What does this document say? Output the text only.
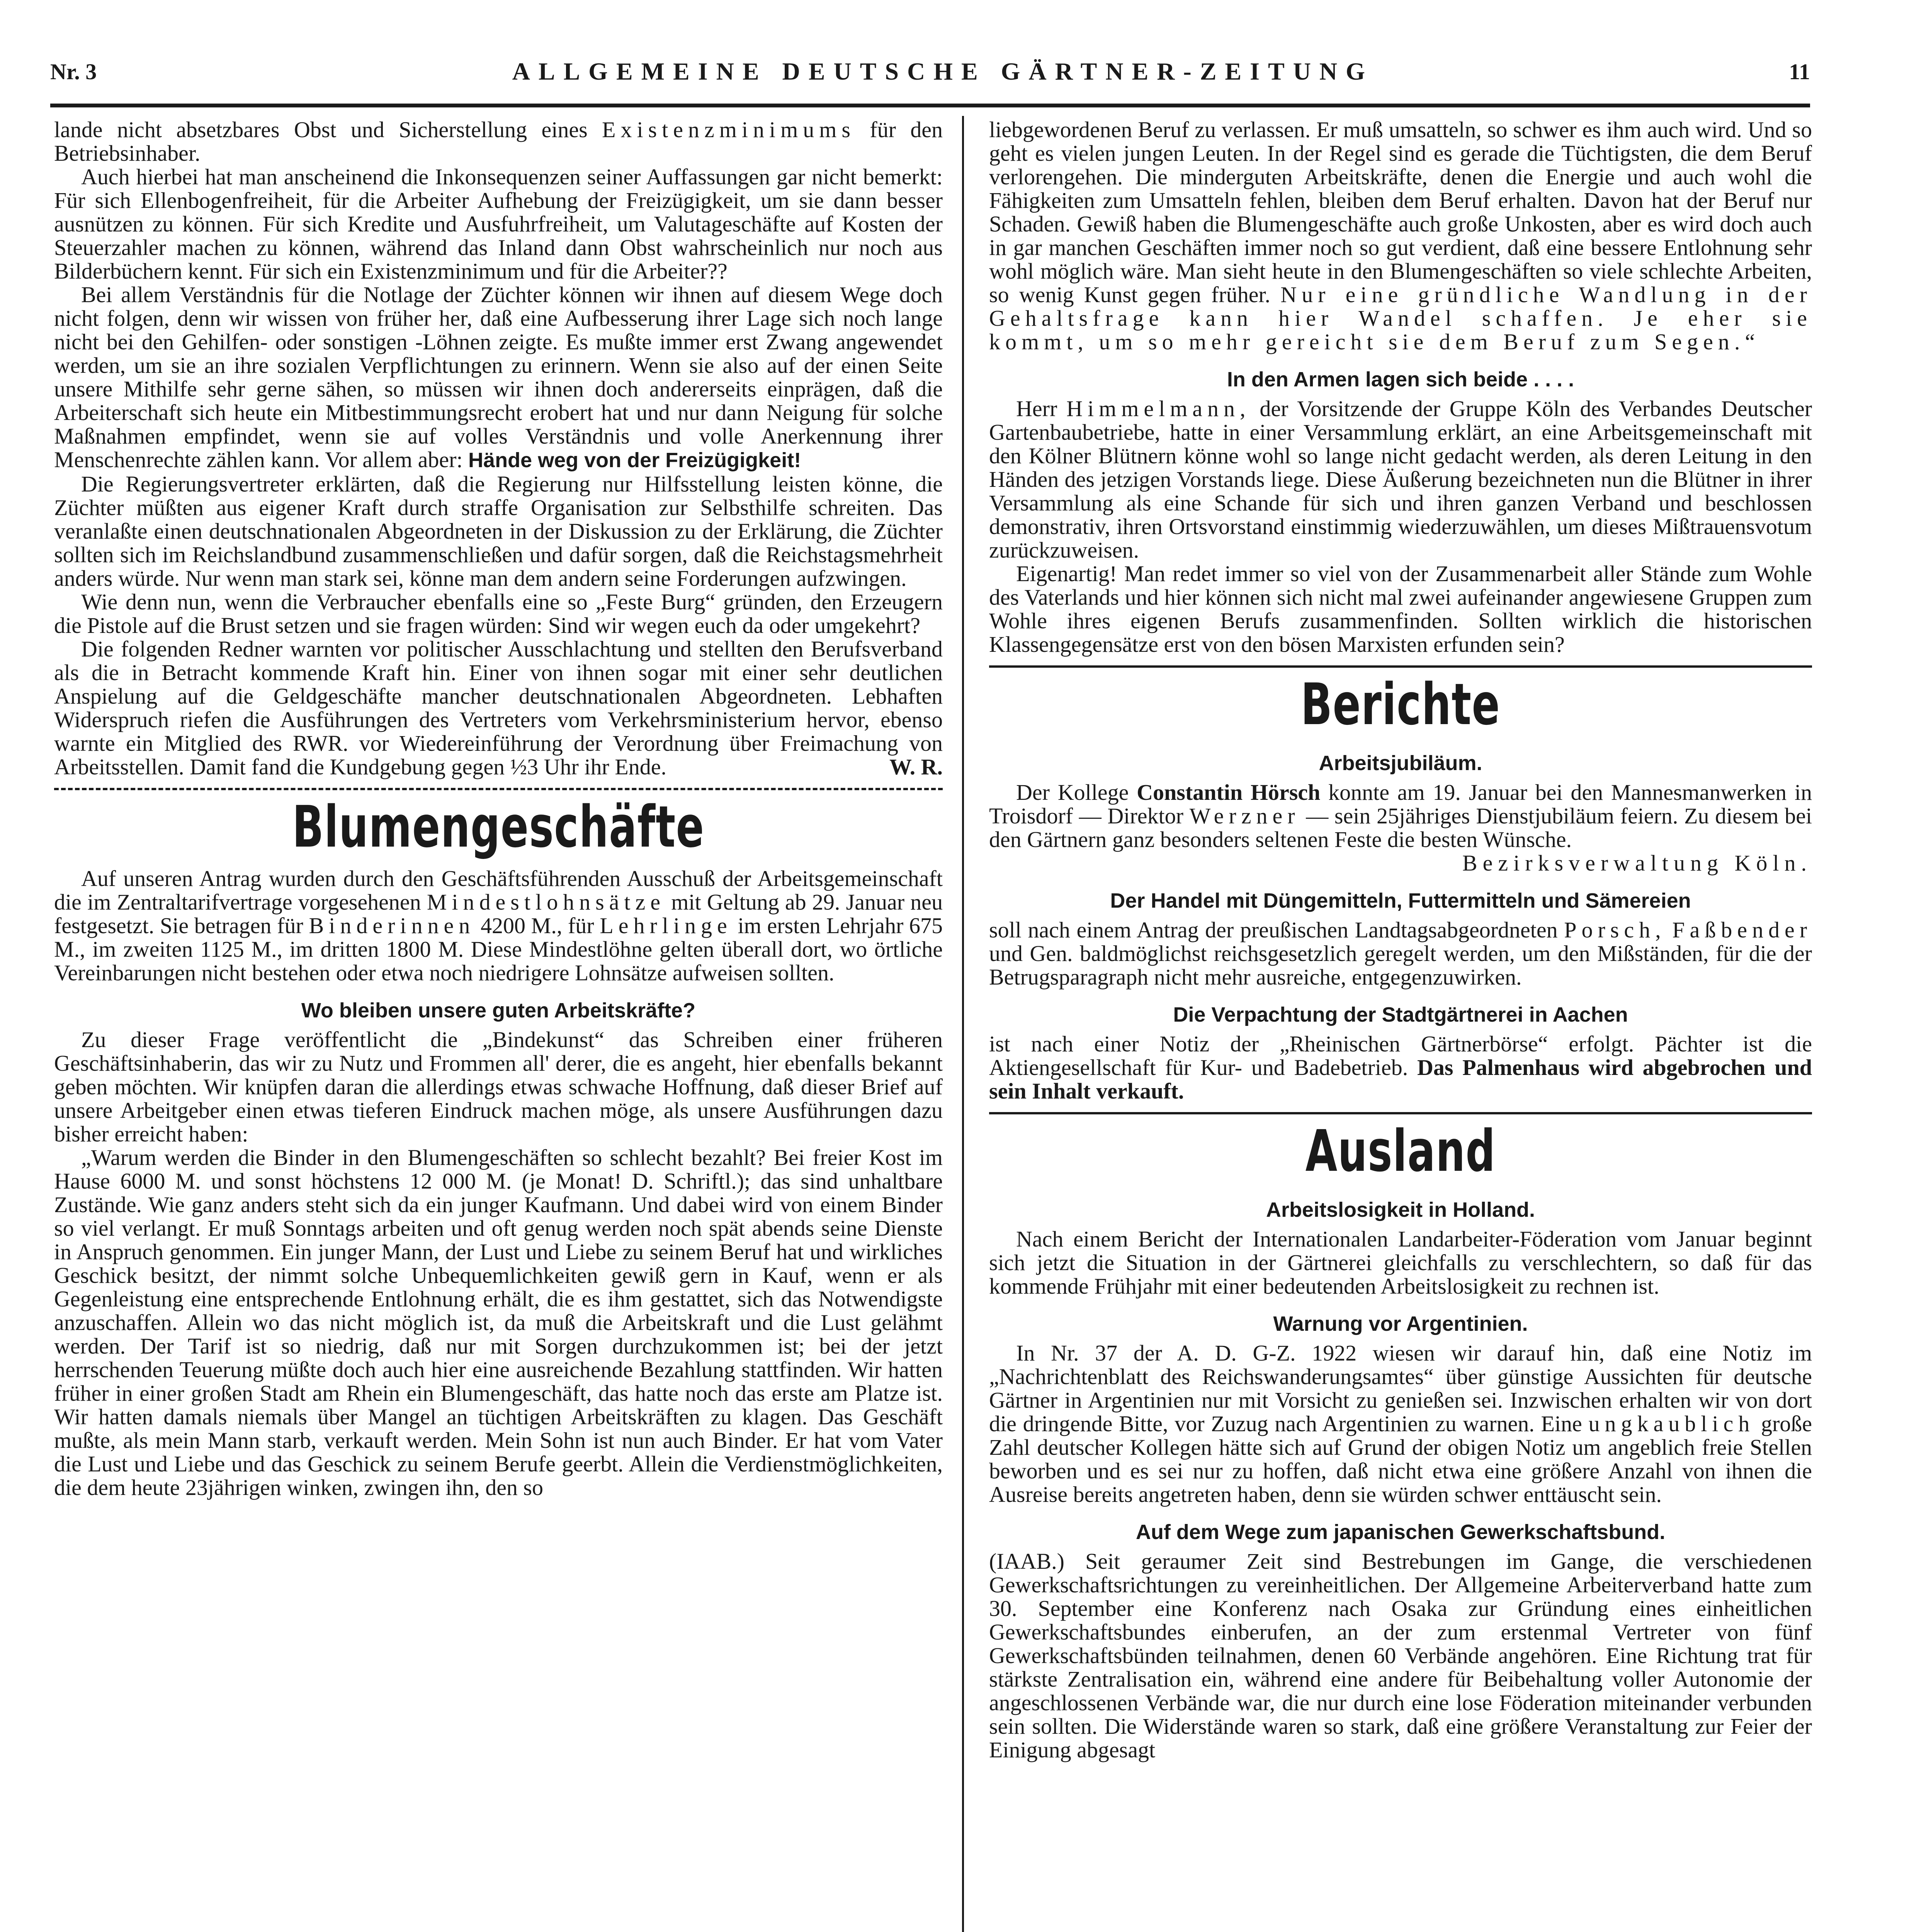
Nr. 3	ALLGEMEINE DEUTSCHE GÄRTNER-ZEITUNG	11

lande nicht absetzbares Obst und Sicherstellung eines Existenzminimums für den Betriebsinhaber.

Auch hierbei hat man anscheinend die Inkonsequenzen seiner Auffassungen gar nicht bemerkt: Für sich Ellenbogenfreiheit, für die Arbeiter Aufhebung der Freizügigkeit, um sie dann besser ausnützen zu können. Für sich Kredite und Ausfuhrfreiheit, um Valutageschäfte auf Kosten der Steuerzahler machen zu können, während das Inland dann Obst wahrscheinlich nur noch aus Bilderbüchern kennt. Für sich ein Existenzminimum und für die Arbeiter??

Bei allem Verständnis für die Notlage der Züchter können wir ihnen auf diesem Wege doch nicht folgen, denn wir wissen von früher her, daß eine Aufbesserung ihrer Lage sich noch lange nicht bei den Gehilfen- oder sonstigen -Löhnen zeigte. Es mußte immer erst Zwang angewendet werden, um sie an ihre sozialen Verpflichtungen zu erinnern. Wenn sie also auf der einen Seite unsere Mithilfe sehr gerne sähen, so müssen wir ihnen doch andererseits einprägen, daß die Arbeiterschaft sich heute ein Mitbestimmungsrecht erobert hat und nur dann Neigung für solche Maßnahmen empfindet, wenn sie auf volles Verständnis und volle Anerkennung ihrer Menschenrechte zählen kann. Vor allem aber: Hände weg von der Freizügigkeit!

Die Regierungsvertreter erklärten, daß die Regierung nur Hilfsstellung leisten könne, die Züchter müßten aus eigener Kraft durch straffe Organisation zur Selbsthilfe schreiten. Das veranlaßte einen deutschnationalen Abgeordneten in der Diskussion zu der Erklärung, die Züchter sollten sich im Reichslandbund zusammenschließen und dafür sorgen, daß die Reichstagsmehrheit anders würde. Nur wenn man stark sei, könne man dem andern seine Forderungen aufzwingen.

Wie denn nun, wenn die Verbraucher ebenfalls eine so „Feste Burg“ gründen, den Erzeugern die Pistole auf die Brust setzen und sie fragen würden: Sind wir wegen euch da oder umgekehrt?

Die folgenden Redner warnten vor politischer Ausschlachtung und stellten den Berufsverband als die in Betracht kommende Kraft hin. Einer von ihnen sogar mit einer sehr deutlichen Anspielung auf die Geldgeschäfte mancher deutschnationalen Abgeordneten. Lebhaften Widerspruch riefen die Ausführungen des Vertreters vom Verkehrsministerium hervor, ebenso warnte ein Mitglied des RWR. vor Wiedereinführung der Verordnung über Freimachung von Arbeitsstellen. Damit fand die Kundgebung gegen ½3 Uhr ihr Ende.	W. R.

Blumengeschäfte

Auf unseren Antrag wurden durch den Geschäftsführenden Ausschuß der Arbeitsgemeinschaft die im Zentraltarifvertrage vorgesehenen Mindestlohnsätze mit Geltung ab 29. Januar neu festgesetzt. Sie betragen für Binderinnen 4200 M., für Lehrlinge im ersten Lehrjahr 675 M., im zweiten 1125 M., im dritten 1800 M. Diese Mindestlöhne gelten überall dort, wo örtliche Vereinbarungen nicht bestehen oder etwa noch niedrigere Lohnsätze aufweisen sollten.

Wo bleiben unsere guten Arbeitskräfte?

Zu dieser Frage veröffentlicht die „Bindekunst“ das Schreiben einer früheren Geschäftsinhaberin, das wir zu Nutz und Frommen all' derer, die es angeht, hier ebenfalls bekannt geben möchten. Wir knüpfen daran die allerdings etwas schwache Hoffnung, daß dieser Brief auf unsere Arbeitgeber einen etwas tieferen Eindruck machen möge, als unsere Ausführungen dazu bisher erreicht haben:

„Warum werden die Binder in den Blumengeschäften so schlecht bezahlt? Bei freier Kost im Hause 6000 M. und sonst höchstens 12 000 M. (je Monat! D. Schriftl.); das sind unhaltbare Zustände. Wie ganz anders steht sich da ein junger Kaufmann. Und dabei wird von einem Binder so viel verlangt. Er muß Sonntags arbeiten und oft genug werden noch spät abends seine Dienste in Anspruch genommen. Ein junger Mann, der Lust und Liebe zu seinem Beruf hat und wirkliches Geschick besitzt, der nimmt solche Unbequemlichkeiten gewiß gern in Kauf, wenn er als Gegenleistung eine entsprechende Entlohnung erhält, die es ihm gestattet, sich das Notwendigste anzuschaffen. Allein wo das nicht möglich ist, da muß die Arbeitskraft und die Lust gelähmt werden. Der Tarif ist so niedrig, daß nur mit Sorgen durchzukommen ist; bei der jetzt herrschenden Teuerung müßte doch auch hier eine ausreichende Bezahlung stattfinden. Wir hatten früher in einer großen Stadt am Rhein ein Blumengeschäft, das hatte noch das erste am Platze ist. Wir hatten damals niemals über Mangel an tüchtigen Arbeitskräften zu klagen. Das Geschäft mußte, als mein Mann starb, verkauft werden. Mein Sohn ist nun auch Binder. Er hat vom Vater die Lust und Liebe und das Geschick zu seinem Berufe geerbt. Allein die Verdienstmöglichkeiten, die dem heute 23jährigen winken, zwingen ihn, den so

liebgewordenen Beruf zu verlassen. Er muß umsatteln, so schwer es ihm auch wird. Und so geht es vielen jungen Leuten. In der Regel sind es gerade die Tüchtigsten, die dem Beruf verlorengehen. Die minderguten Arbeitskräfte, denen die Energie und auch wohl die Fähigkeiten zum Umsatteln fehlen, bleiben dem Beruf erhalten. Davon hat der Beruf nur Schaden. Gewiß haben die Blumengeschäfte auch große Unkosten, aber es wird doch auch in gar manchen Geschäften immer noch so gut verdient, daß eine bessere Entlohnung sehr wohl möglich wäre. Man sieht heute in den Blumengeschäften so viele schlechte Arbeiten, so wenig Kunst gegen früher. Nur eine gründliche Wandlung in der Gehaltsfrage kann hier Wandel schaffen. Je eher sie kommt, um so mehr gereicht sie dem Beruf zum Segen.“

In den Armen lagen sich beide . . . .

Herr Himmelmann, der Vorsitzende der Gruppe Köln des Verbandes Deutscher Gartenbaubetriebe, hatte in einer Versammlung erklärt, an eine Arbeitsgemeinschaft mit den Kölner Blütnern könne wohl so lange nicht gedacht werden, als deren Leitung in den Händen des jetzigen Vorstands liege. Diese Äußerung bezeichneten nun die Blütner in ihrer Versammlung als eine Schande für sich und ihren ganzen Verband und beschlossen demonstrativ, ihren Ortsvorstand einstimmig wiederzuwählen, um dieses Mißtrauensvotum zurückzuweisen.

Eigenartig! Man redet immer so viel von der Zusammenarbeit aller Stände zum Wohle des Vaterlands und hier können sich nicht mal zwei aufeinander angewiesene Gruppen zum Wohle ihres eigenen Berufs zusammenfinden. Sollten wirklich die historischen Klassengegensätze erst von den bösen Marxisten erfunden sein?

Berichte
Arbeitsjubiläum.

Der Kollege Constantin Hörsch konnte am 19. Januar bei den Mannesmanwerken in Troisdorf — Direktor Werzner — sein 25jähriges Dienstjubiläum feiern. Zu diesem bei den Gärtnern ganz besonders seltenen Feste die besten Wünsche.

Bezirksverwaltung Köln.

Der Handel mit Düngemitteln, Futtermitteln und Sämereien

soll nach einem Antrag der preußischen Landtagsabgeordneten Porsch, Faßbender und Gen. baldmöglichst reichsgesetzlich geregelt werden, um den Mißständen, für die der Betrugsparagraph nicht mehr ausreiche, entgegenzuwirken.

Die Verpachtung der Stadtgärtnerei in Aachen

ist nach einer Notiz der „Rheinischen Gärtnerbörse“ erfolgt. Pächter ist die Aktiengesellschaft für Kur- und Badebetrieb. Das Palmenhaus wird abgebrochen und sein Inhalt verkauft.

Ausland
Arbeitslosigkeit in Holland.

Nach einem Bericht der Internationalen Landarbeiter-Föderation vom Januar beginnt sich jetzt die Situation in der Gärtnerei gleichfalls zu verschlechtern, so daß für das kommende Frühjahr mit einer bedeutenden Arbeitslosigkeit zu rechnen ist.

Warnung vor Argentinien.

In Nr. 37 der A. D. G-Z. 1922 wiesen wir darauf hin, daß eine Notiz im „Nachrichtenblatt des Reichswanderungsamtes“ über günstige Aussichten für deutsche Gärtner in Argentinien nur mit Vorsicht zu genießen sei. Inzwischen erhalten wir von dort die dringende Bitte, vor Zuzug nach Argentinien zu warnen. Eine ungkaublich große Zahl deutscher Kollegen hätte sich auf Grund der obigen Notiz um angeblich freie Stellen beworben und es sei nur zu hoffen, daß nicht etwa eine größere Anzahl von ihnen die Ausreise bereits angetreten haben, denn sie würden schwer enttäuscht sein.

Auf dem Wege zum japanischen Gewerkschaftsbund.

(IAAB.) Seit geraumer Zeit sind Bestrebungen im Gange, die verschiedenen Gewerkschaftsrichtungen zu vereinheitlichen. Der Allgemeine Arbeiterverband hatte zum 30. September eine Konferenz nach Osaka zur Gründung eines einheitlichen Gewerkschaftsbundes einberufen, an der zum erstenmal Vertreter von fünf Gewerkschaftsbünden teilnahmen, denen 60 Verbände angehören. Eine Richtung trat für stärkste Zentralisation ein, während eine andere für Beibehaltung voller Autonomie der angeschlossenen Verbände war, die nur durch eine lose Föderation miteinander verbunden sein sollten. Die Widerstände waren so stark, daß eine größere Veranstaltung zur Feier der Einigung abgesagt
